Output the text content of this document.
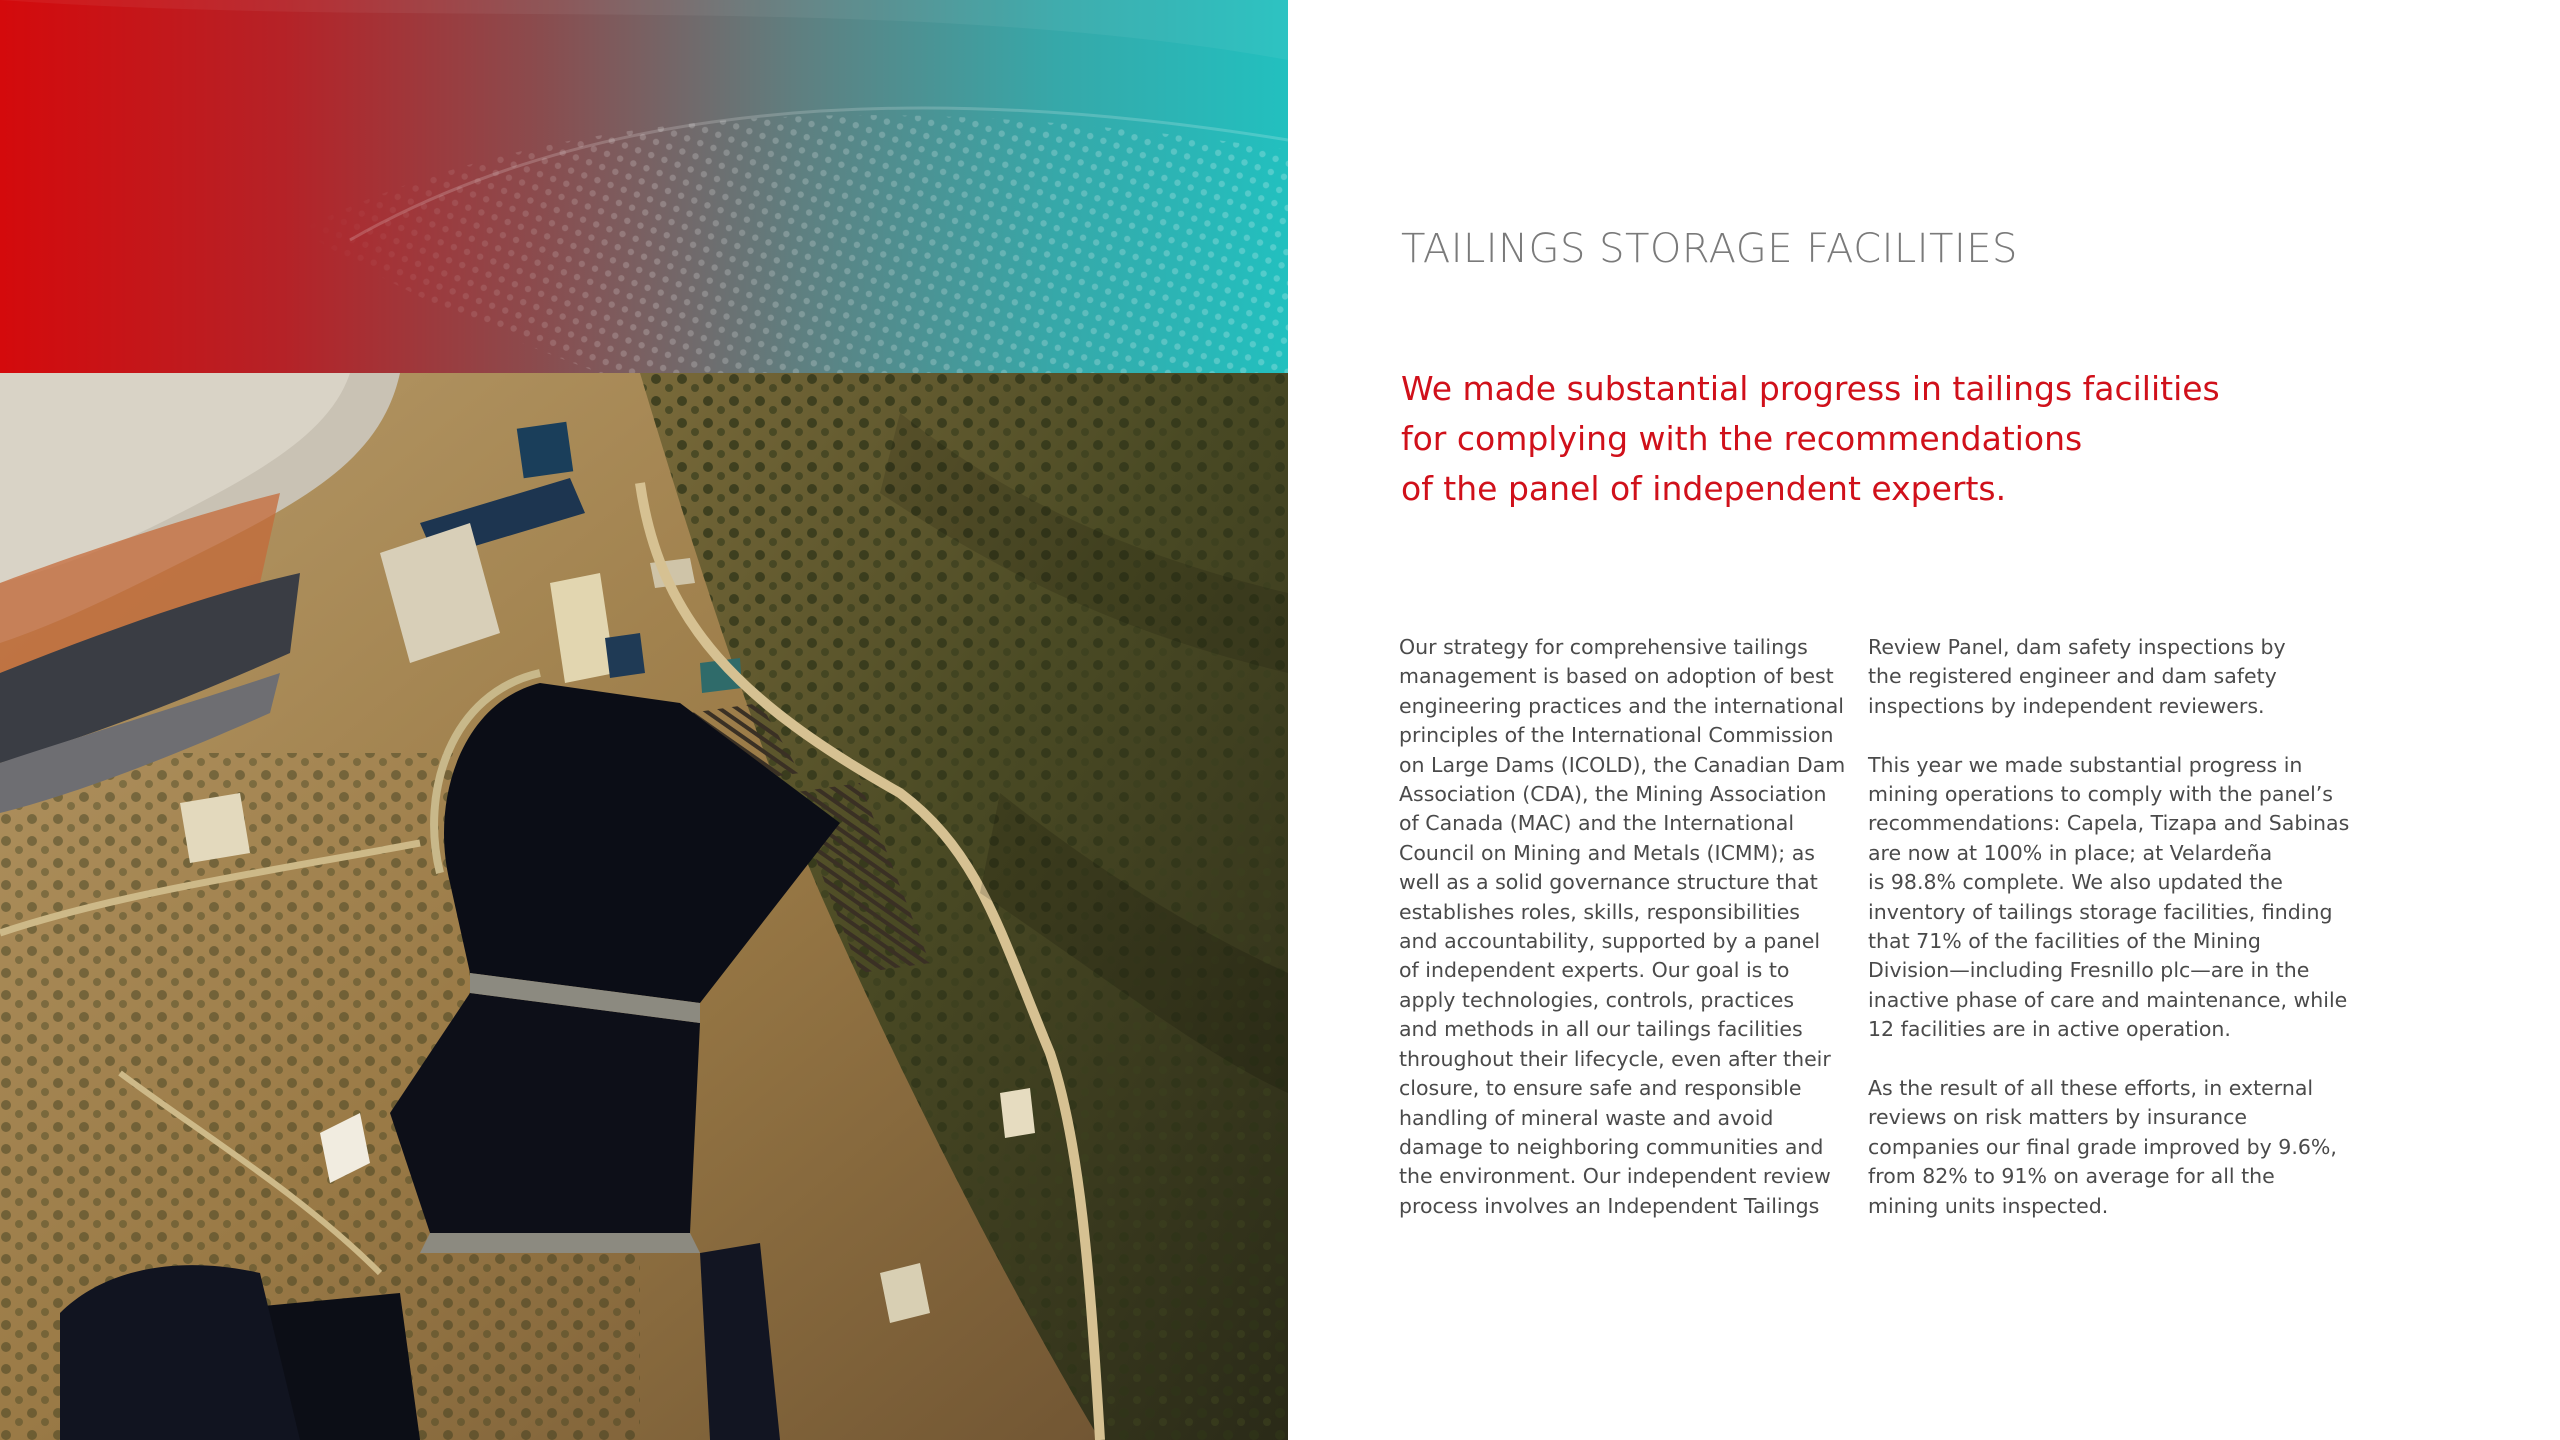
TAILINGS STORAGE FACILITIES

We made substantial progress in tailings facilities
for complying with the recommendations
of the panel of independent experts.

Our strategy for comprehensive tailings
management is based on adoption of best
engineering practices and the international
principles of the International Commission
on Large Dams (ICOLD), the Canadian Dam
Association (CDA), the Mining Association
of Canada (MAC) and the International
Council on Mining and Metals (ICMM); as
well as a solid governance structure that
establishes roles, skills, responsibilities
and accountability, supported by a panel
of independent experts. Our goal is to
apply technologies, controls, practices
and methods in all our tailings facilities
throughout their lifecycle, even after their
closure, to ensure safe and responsible
handling of mineral waste and avoid
damage to neighboring communities and
the environment. Our independent review
process involves an Independent Tailings
Review Panel, dam safety inspections by
the registered engineer and dam safety
inspections by independent reviewers.
This year we made substantial progress in
mining operations to comply with the panel’s
recommendations: Capela, Tizapa and Sabinas
are now at 100% in place; at Velardeña
is 98.8% complete. We also updated the
inventory of tailings storage facilities, finding
that 71% of the facilities of the Mining
Division—including Fresnillo plc—are in the
inactive phase of care and maintenance, while
12 facilities are in active operation.
As the result of all these efforts, in external
reviews on risk matters by insurance
companies our final grade improved by 9.6%,
from 82% to 91% on average for all the
mining units inspected.
